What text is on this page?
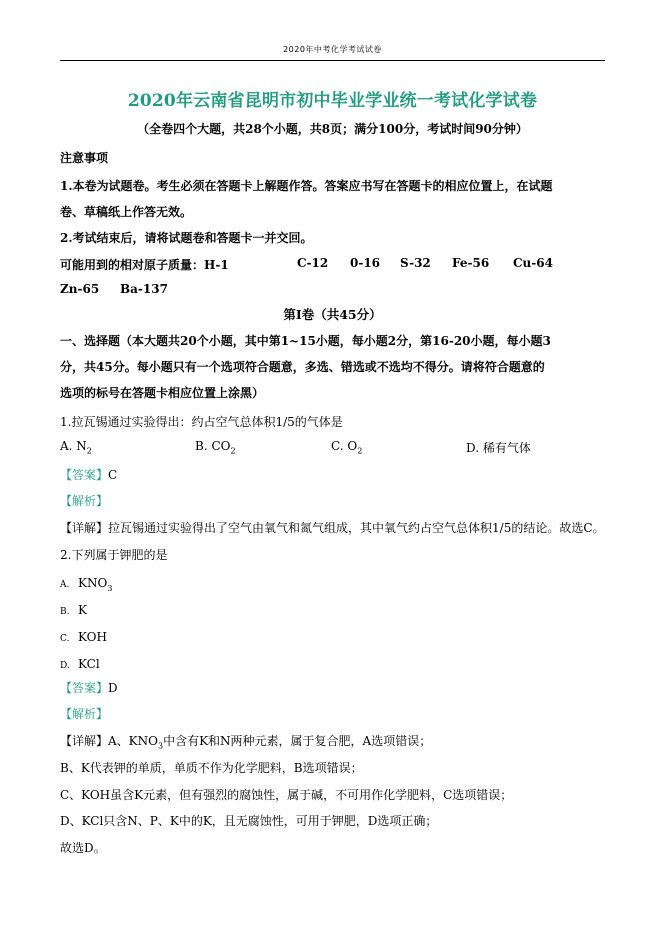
2020年中考化学考试试卷
2020年云南省昆明市初中毕业学业统一考试化学试卷
（全卷四个大题，共28个小题，共8页；满分100分，考试时间90分钟）
注意事项
1.本卷为试题卷。考生必须在答题卡上解题作答。答案应书写在答题卡的相应位置上，在试题
卷、草稿纸上作答无效。
2.考试结束后，请将试题卷和答题卡一并交回。
可能用到的相对原子质量：H-1	C-12 0-16 S-32 Fe-56 Cu-64
Zn-65 Ba-137
第Ⅰ卷（共45分）
一、选择题（本大题共20个小题，其中第1~15小题，每小题2分，第16-20小题，每小题3
分，共45分。每小题只有一个选项符合题意，多选、错选或不选均不得分。请将符合题意的
选项的标号在答题卡相应位置上涂黑）
1.拉瓦锡通过实验得出：约占空气总体积1/5的气体是
A. $N_2$	B. $CO_2$	C. $O_2$	D. 稀有气体
【答案】C
【解析】
【详解】拉瓦锡通过实验得出了空气由氧气和氮气组成，其中氧气约占空气总体积1/5的结论。故选C。
2.下列属于钾肥的是
A. $KNO_3$
B. K
C. KOH
D. KCl
【答案】D
【解析】
【详解】A、$KNO_3$中含有K和N两种元素，属于复合肥，A选项错误；
B、K代表钾的单质，单质不作为化学肥料，B选项错误；
C、KOH虽含K元素，但有强烈的腐蚀性，属于碱，不可用作化学肥料，C选项错误；
D、KCl只含N、P、K中的K，且无腐蚀性，可用于钾肥，D选项正确；
故选D。
